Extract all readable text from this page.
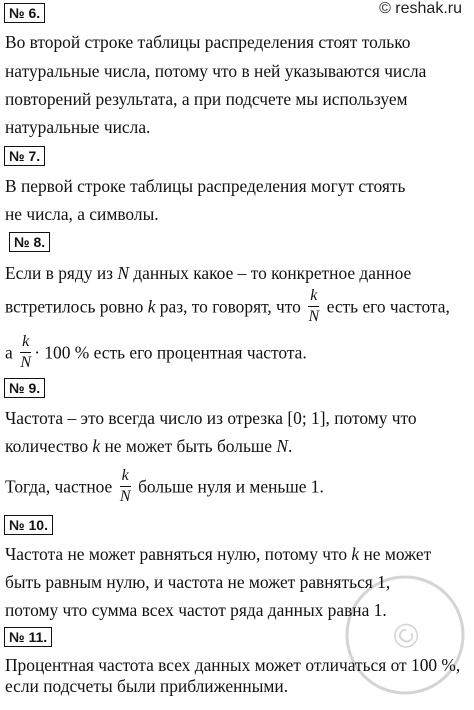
© reshak.ru
©
№ 6.
Во второй строке таблицы распределения стоят только
натуральные числа, потому что в ней указываются числа
повторений результата, а при подсчете мы используем
натуральные числа.
№ 7.
В первой строке таблицы распределения могут стоять
не числа, а символы.
№ 8.
Если в ряду из N данных какое – то конкретное данное
встретилось ровно k раз, то говорят, что $\frac{k}{N}$ есть его частота,
а $\frac{k}{N} \cdot 100$ % есть его процентная частота.
№ 9.
Частота – это всегда число из отрезка [0; 1], потому что
количество k не может быть больше N.
Тогда, частное $\frac{k}{N}$ больше нуля и меньше 1.
№ 10.
Частота не может равняться нулю, потому что k не может
быть равным нулю, и частота не может равняться 1,
потому что сумма всех частот ряда данных равна 1.
№ 11.
Процентная частота всех данных может отличаться от 100 %,
если подсчеты были приближенными.
